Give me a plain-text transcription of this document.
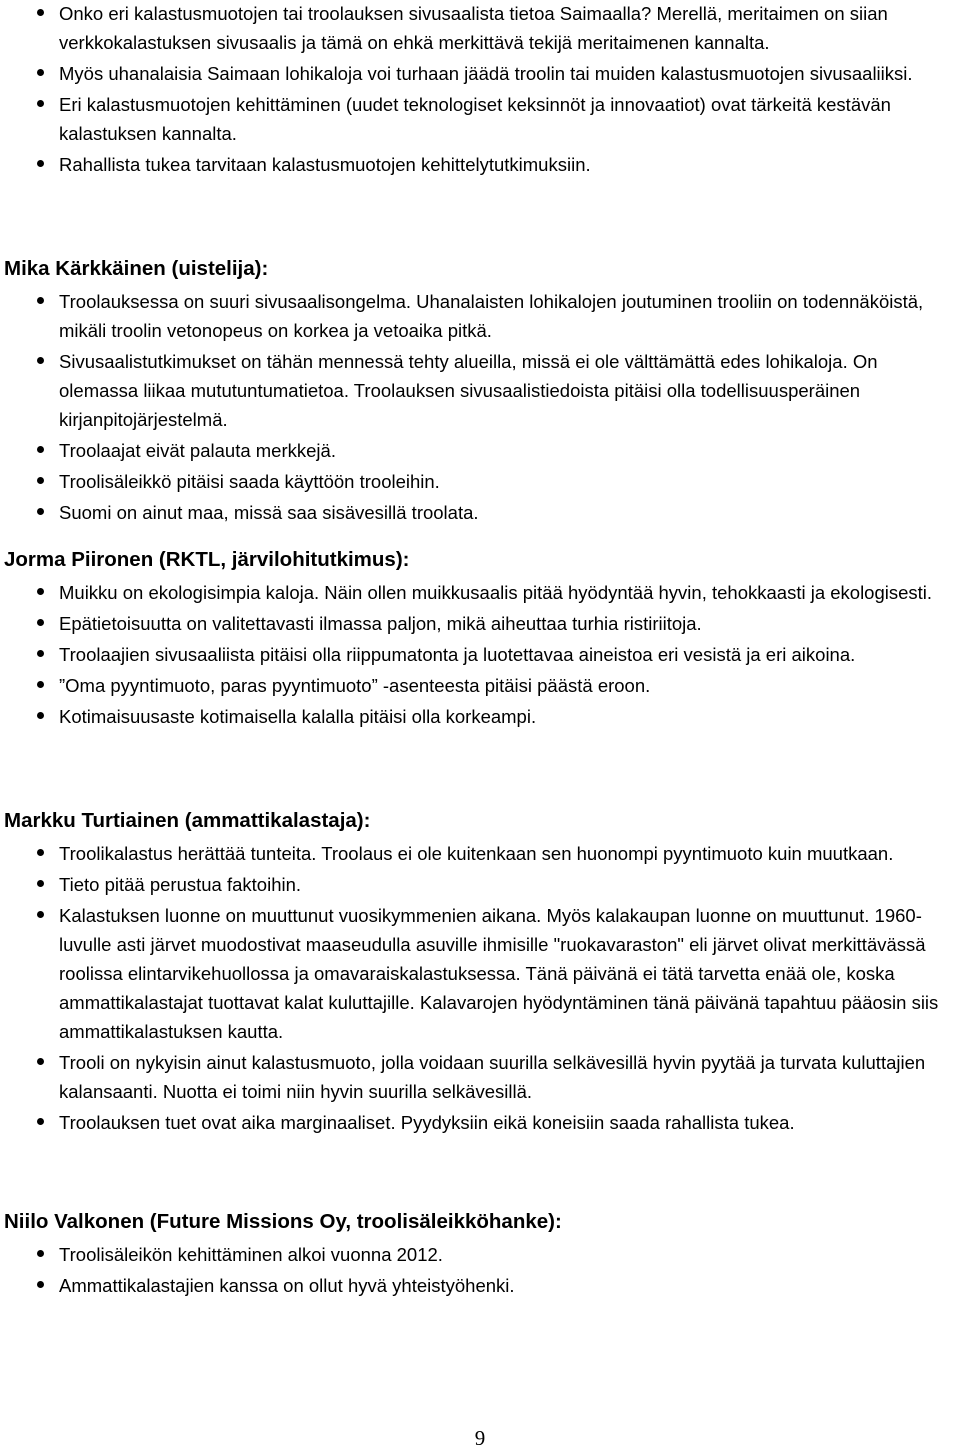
Onko eri kalastusmuotojen tai troolauksen sivusaalista tietoa Saimaalla? Merellä, meritaimen on siian verkkokalastuksen sivusaalis ja tämä on ehkä merkittävä tekijä meritaimenen kannalta.
Myös uhanalaisia Saimaan lohikaloja voi turhaan jäädä troolin tai muiden kalastusmuotojen sivusaaliiksi.
Eri kalastusmuotojen kehittäminen (uudet teknologiset keksinnöt ja innovaatiot) ovat tärkeitä kestävän kalastuksen kannalta.
Rahallista tukea tarvitaan kalastusmuotojen kehittelytutkimuksiin.
Mika Kärkkäinen (uistelija):
Troolauksessa on suuri sivusaalisongelma. Uhanalaisten lohikalojen joutuminen trooliin on todennäköistä, mikäli troolin vetonopeus on korkea ja vetoaika pitkä.
Sivusaalistutkimukset on tähän mennessä tehty alueilla, missä ei ole välttämättä edes lohikaloja. On olemassa liikaa mututuntumatietoa. Troolauksen sivusaalistiedoista pitäisi olla todellisuusperäinen kirjanpitojärjestelmä.
Troolaajat eivät palauta merkkejä.
Troolisäleikkö pitäisi saada käyttöön trooleihin.
Suomi on ainut maa, missä saa sisävesillä troolata.
Jorma Piironen (RKTL, järvilohitutkimus):
Muikku on ekologisimpia kaloja. Näin ollen muikkusaalis pitää hyödyntää hyvin, tehokkaasti ja ekologisesti.
Epätietoisuutta on valitettavasti ilmassa paljon, mikä aiheuttaa turhia ristiriitoja.
Troolaajien sivusaaliista pitäisi olla riippumatonta ja luotettavaa aineistoa eri vesistä ja eri aikoina.
”Oma pyyntimuoto, paras pyyntimuoto” -asenteesta pitäisi päästä eroon.
Kotimaisuusaste kotimaisella kalalla pitäisi olla korkeampi.
Markku Turtiainen (ammattikalastaja):
Troolikalastus herättää tunteita. Troolaus ei ole kuitenkaan sen huonompi pyyntimuoto kuin muutkaan.
Tieto pitää perustua faktoihin.
Kalastuksen luonne on muuttunut vuosikymmenien aikana. Myös kalakaupan luonne on muuttunut. 1960-luvulle asti järvet muodostivat maaseudulla asuville ihmisille "ruokavaraston" eli järvet olivat merkittävässä roolissa elintarvikehuollossa ja omavaraiskalastuksessa. Tänä päivänä ei tätä tarvetta enää ole, koska ammattikalastajat tuottavat kalat kuluttajille. Kalavarojen hyödyntäminen tänä päivänä tapahtuu pääosin siis ammattikalastuksen kautta.
Trooli on nykyisin ainut kalastusmuoto, jolla voidaan suurilla selkävesillä hyvin pyytää ja turvata kuluttajien kalansaanti. Nuotta ei toimi niin hyvin suurilla selkävesillä.
Troolauksen tuet ovat aika marginaaliset. Pyydyksiin eikä koneisiin saada rahallista tukea.
Niilo Valkonen (Future Missions Oy, troolisäleikköhanke):
Troolisäleikön kehittäminen alkoi vuonna 2012.
Ammattikalastajien kanssa on ollut hyvä yhteistyöhenki.
9
